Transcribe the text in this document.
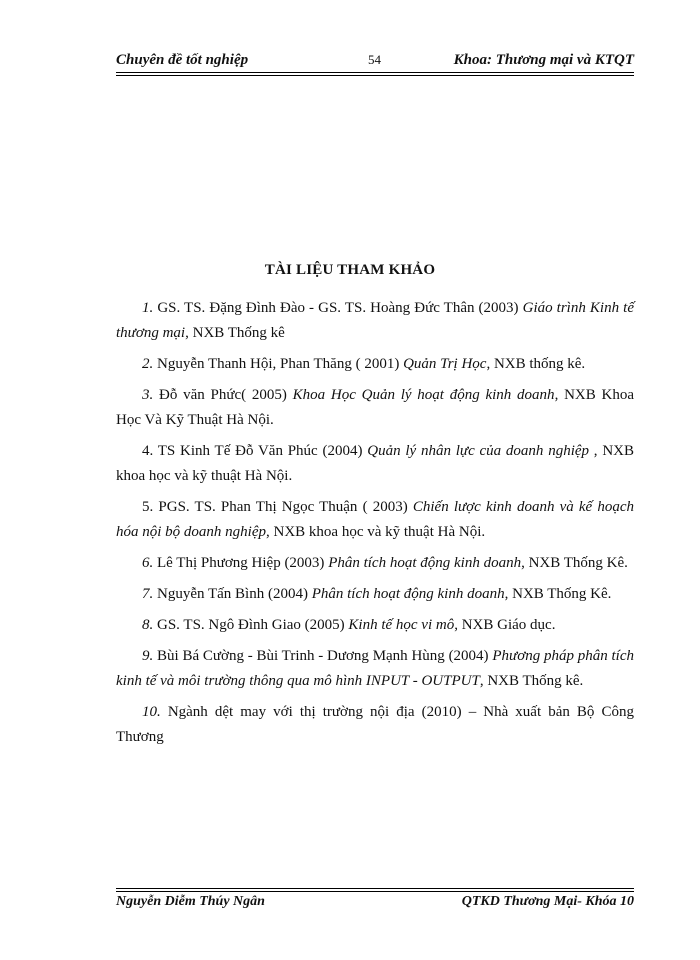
Chuyên đề tốt nghiệp	54	Khoa: Thương mại và KTQT
TÀI LIỆU THAM KHẢO

1. GS. TS. Đặng Đình Đào - GS. TS. Hoàng Đức Thân (2003) Giáo trình Kinh tế thương mại, NXB Thống kê

2. Nguyễn Thanh Hội, Phan Thăng ( 2001) Quản Trị Học, NXB thống kê.

3. Đỗ văn Phức( 2005) Khoa Học Quản lý hoạt động kinh doanh, NXB Khoa Học Và Kỹ Thuật Hà Nội.

4. TS Kinh Tế Đỗ Văn Phúc (2004) Quản lý nhân lực của doanh nghiệp , NXB khoa học và kỹ thuật Hà Nội.

5. PGS. TS. Phan Thị Ngọc Thuận ( 2003) Chiến lược kinh doanh và kế hoạch hóa nội bộ doanh nghiệp, NXB khoa học và kỹ thuật Hà Nội.

6. Lê Thị Phương Hiệp (2003) Phân tích hoạt động kinh doanh, NXB Thống Kê.

7. Nguyễn Tấn Bình (2004) Phân tích hoạt động kinh doanh, NXB Thống Kê.

8. GS. TS. Ngô Đình Giao (2005) Kinh tế học vi mô, NXB Giáo dục.

9. Bùi Bá Cường - Bùi Trinh - Dương Mạnh Hùng (2004) Phương pháp phân tích kinh tế và môi trường thông qua mô hình INPUT - OUTPUT, NXB Thống kê.

10. Ngành dệt may với thị trường nội địa (2010) – Nhà xuất bản Bộ Công Thương

Nguyễn Diễm Thúy Ngân	QTKD Thương Mại- Khóa 10
